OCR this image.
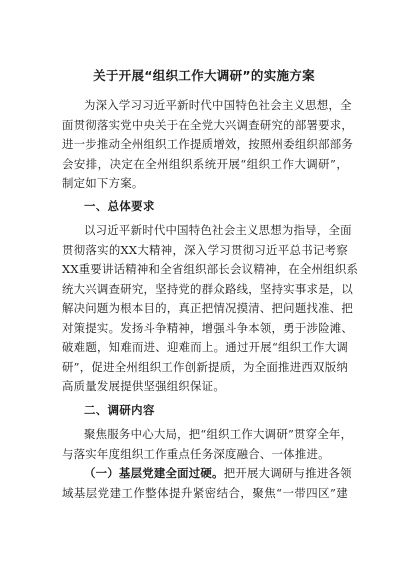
关于开展“组织工作大调研”的实施方案
为深入学习习近平新时代中国特色社会主义思想，全
面贯彻落实党中央关于在全党大兴调查研究的部署要求，
进一步推动全州组织工作提质增效，按照州委组织部部务
会安排，决定在全州组织系统开展“组织工作大调研”，
制定如下方案。
一、总体要求
以习近平新时代中国特色社会主义思想为指导，全面
贯彻落实的XX大精神，深入学习贯彻习近平总书记考察
XX重要讲话精神和全省组织部长会议精神，在全州组织系
统大兴调查研究，坚持党的群众路线，坚持实事求是，以
解决问题为根本目的，真正把情况摸清、把问题找准、把
对策提实。发扬斗争精神，增强斗争本领，勇于涉险滩、
破难题，知难而进、迎难而上。通过开展“组织工作大调
研”，促进全州组织工作创新提质，为全面推进西双版纳
高质量发展提供坚强组织保证。
二、调研内容
聚焦服务中心大局，把“组织工作大调研”贯穿全年，
与落实年度组织工作重点任务深度融合、一体推进。
（一）基层党建全面过硬。把开展大调研与推进各领
域基层党建工作整体提升紧密结合，聚焦“一带四区”建
